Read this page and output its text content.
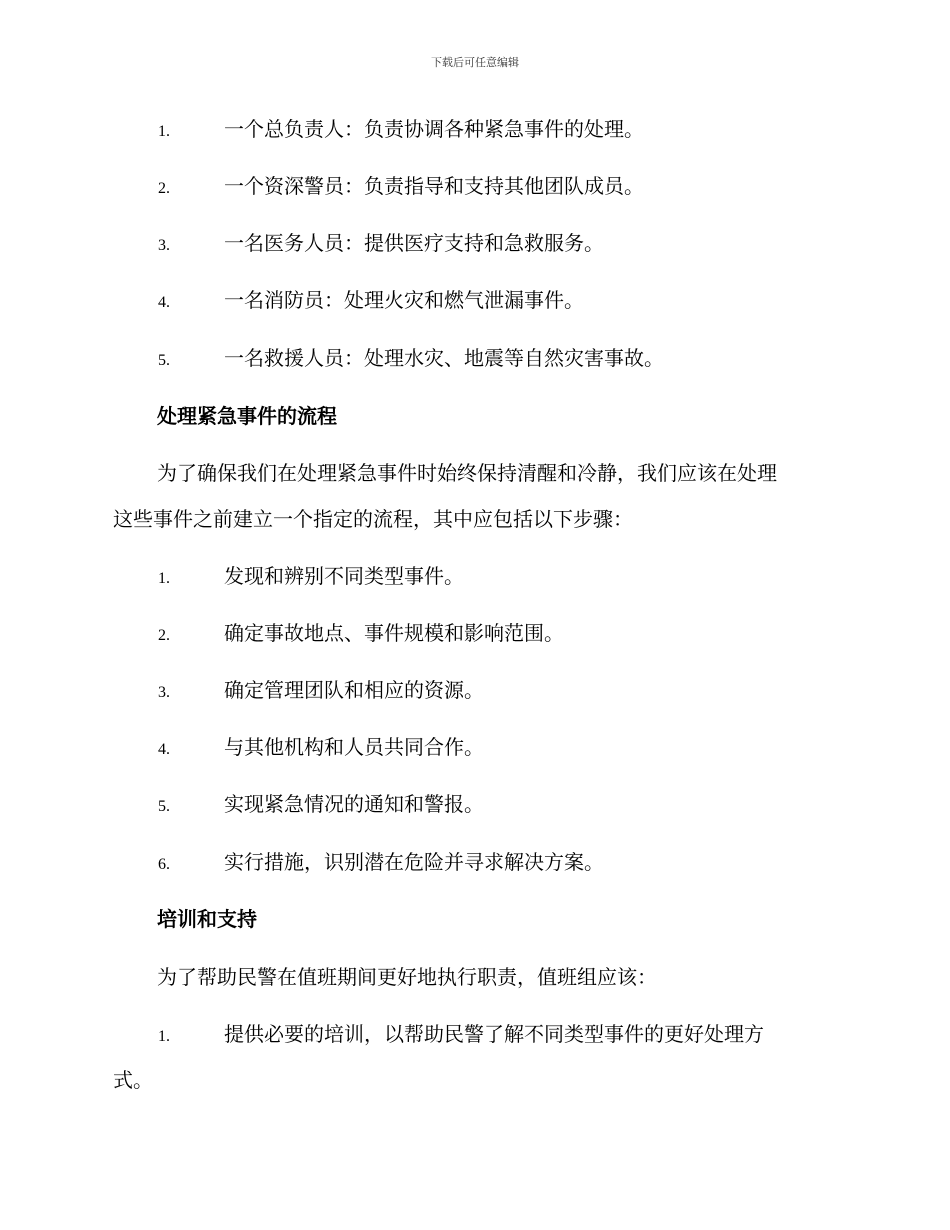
下载后可任意编辑
1.	一个总负责人：负责协调各种紧急事件的处理。
2.	一个资深警员：负责指导和支持其他团队成员。
3.	一名医务人员：提供医疗支持和急救服务。
4.	一名消防员：处理火灾和燃气泄漏事件。
5.	一名救援人员：处理水灾、地震等自然灾害事故。
处理紧急事件的流程
为了确保我们在处理紧急事件时始终保持清醒和冷静，我们应该在处理
这些事件之前建立一个指定的流程，其中应包括以下步骤：
1.	发现和辨别不同类型事件。
2.	确定事故地点、事件规模和影响范围。
3.	确定管理团队和相应的资源。
4.	与其他机构和人员共同合作。
5.	实现紧急情况的通知和警报。
6.	实行措施，识别潜在危险并寻求解决方案。
培训和支持
为了帮助民警在值班期间更好地执行职责，值班组应该：
1.	提供必要的培训，以帮助民警了解不同类型事件的更好处理方
式。
